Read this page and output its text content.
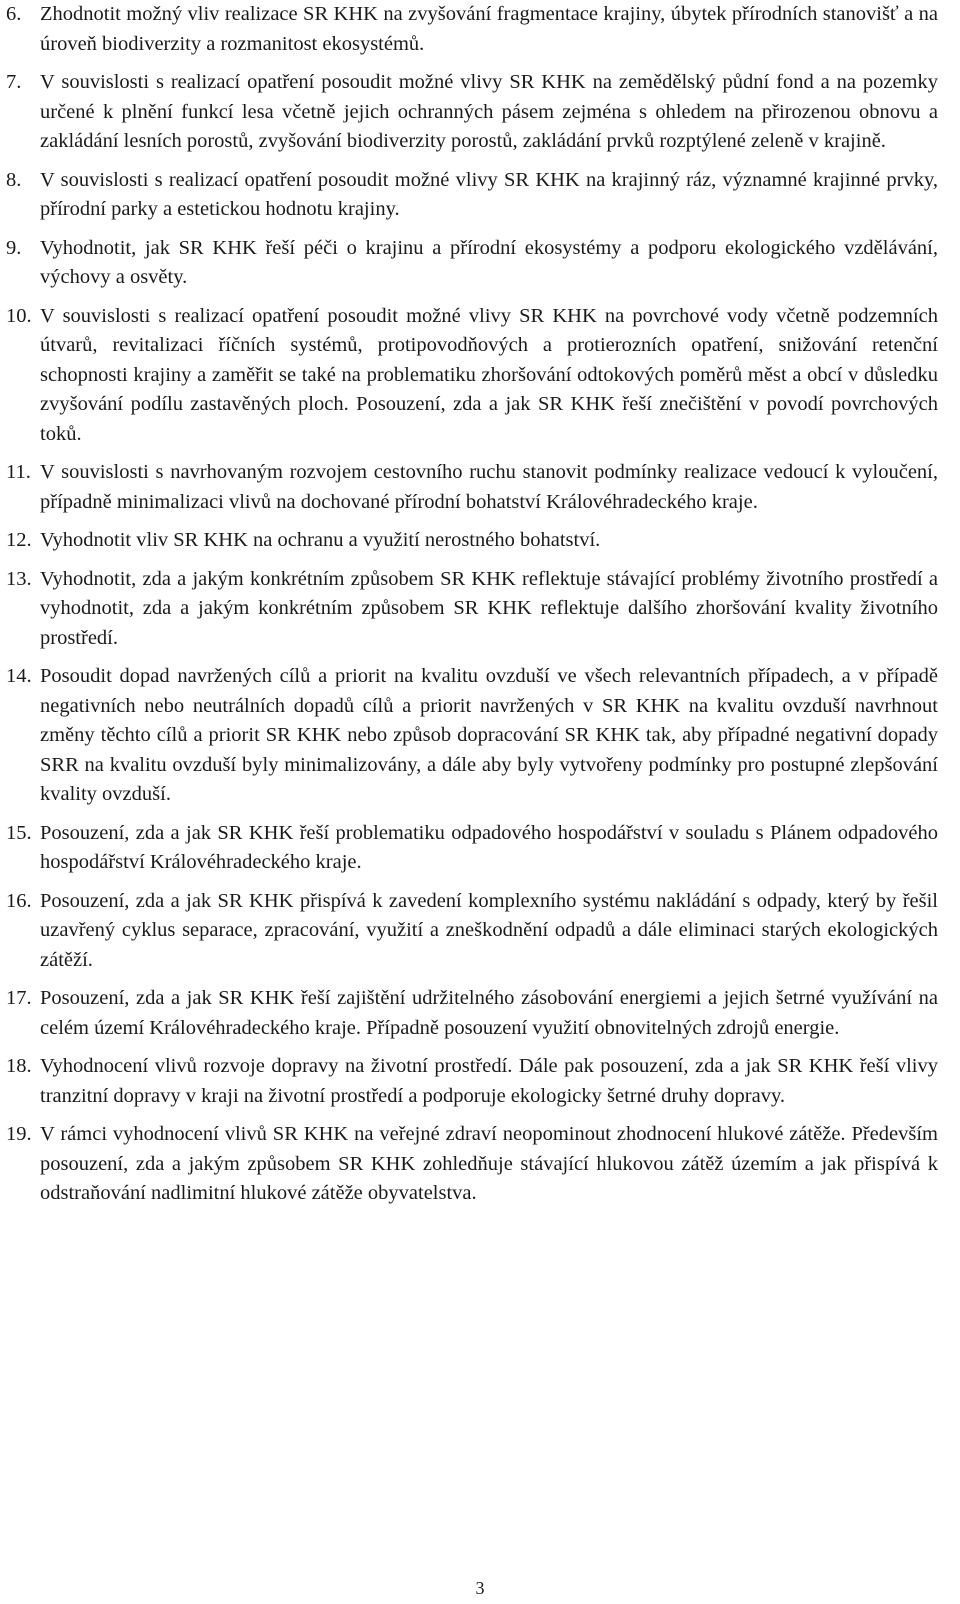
6. Zhodnotit možný vliv realizace SR KHK na zvyšování fragmentace krajiny, úbytek přírodních stanovišť a na úroveň biodiverzity a rozmanitost ekosystémů.
7. V souvislosti s realizací opatření posoudit možné vlivy SR KHK na zemědělský půdní fond a na pozemky určené k plnění funkcí lesa včetně jejich ochranných pásem zejména s ohledem na přirozenou obnovu a zakládání lesních porostů, zvyšování biodiverzity porostů, zakládání prvků rozptýlené zeleně v krajině.
8. V souvislosti s realizací opatření posoudit možné vlivy SR KHK na krajinný ráz, významné krajinné prvky, přírodní parky a estetickou hodnotu krajiny.
9. Vyhodnotit, jak SR KHK řeší péči o krajinu a přírodní ekosystémy a podporu ekologického vzdělávání, výchovy a osvěty.
10. V souvislosti s realizací opatření posoudit možné vlivy SR KHK na povrchové vody včetně podzemních útvarů, revitalizaci říčních systémů, protipovodňových a protierozních opatření, snižování retenční schopnosti krajiny a zaměřit se také na problematiku zhoršování odtokových poměrů měst a obcí v důsledku zvyšování podílu zastavěných ploch. Posouzení, zda a jak SR KHK řeší znečištění v povodí povrchových toků.
11. V souvislosti s navrhovaným rozvojem cestovního ruchu stanovit podmínky realizace vedoucí k vyloučení, případně minimalizaci vlivů na dochované přírodní bohatství Královéhradeckého kraje.
12. Vyhodnotit vliv SR KHK na ochranu a využití nerostného bohatství.
13. Vyhodnotit, zda a jakým konkrétním způsobem SR KHK reflektuje stávající problémy životního prostředí a vyhodnotit, zda a jakým konkrétním způsobem SR KHK reflektuje dalšího zhoršování kvality životního prostředí.
14. Posoudit dopad navržených cílů a priorit na kvalitu ovzduší ve všech relevantních případech, a v případě negativních nebo neutrálních dopadů cílů a priorit navržených v SR KHK na kvalitu ovzduší navrhnout změny těchto cílů a priorit SR KHK nebo způsob dopracování SR KHK tak, aby případné negativní dopady SRR na kvalitu ovzduší byly minimalizovány, a dále aby byly vytvořeny podmínky pro postupné zlepšování kvality ovzduší.
15. Posouzení, zda a jak SR KHK řeší problematiku odpadového hospodářství v souladu s Plánem odpadového hospodářství Královéhradeckého kraje.
16. Posouzení, zda a jak SR KHK přispívá k zavedení komplexního systému nakládání s odpady, který by řešil uzavřený cyklus separace, zpracování, využití a zneškodnění odpadů a dále eliminaci starých ekologických zátěží.
17. Posouzení, zda a jak SR KHK řeší zajištění udržitelného zásobování energiemi a jejich šetrné využívání na celém území Královéhradeckého kraje. Případně posouzení využití obnovitelných zdrojů energie.
18. Vyhodnocení vlivů rozvoje dopravy na životní prostředí. Dále pak posouzení, zda a jak SR KHK řeší vlivy tranzitní dopravy v kraji na životní prostředí a podporuje ekologicky šetrné druhy dopravy.
19. V rámci vyhodnocení vlivů SR KHK na veřejné zdraví neopominout zhodnocení hlukové zátěže. Především posouzení, zda a jakým způsobem SR KHK zohledňuje stávající hlukovou zátěž územím a jak přispívá k odstraňování nadlimitní hlukové zátěže obyvatelstva.
3
